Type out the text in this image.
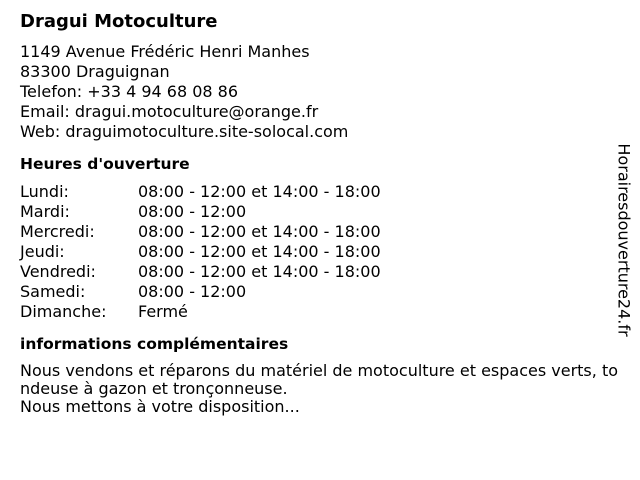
Dragui Motoculture
1149 Avenue Frédéric Henri Manhes
83300 Draguignan
Telefon: +33 4 94 68 08 86
Email: dragui.motoculture@orange.fr
Web: draguimotoculture.site-solocal.com
Heures d'ouverture
Lundi:	08:00 - 12:00 et 14:00 - 18:00
Mardi:	08:00 - 12:00
Mercredi:	08:00 - 12:00 et 14:00 - 18:00
Jeudi:	08:00 - 12:00 et 14:00 - 18:00
Vendredi:	08:00 - 12:00 et 14:00 - 18:00
Samedi:	08:00 - 12:00
Dimanche:	Fermé
informations complémentaires
Nous vendons et réparons du matériel de motoculture et espaces verts, tondeuse à gazon et tronçonneuse.
Nous mettons à votre disposition...
Horairesdouverture24.fr
